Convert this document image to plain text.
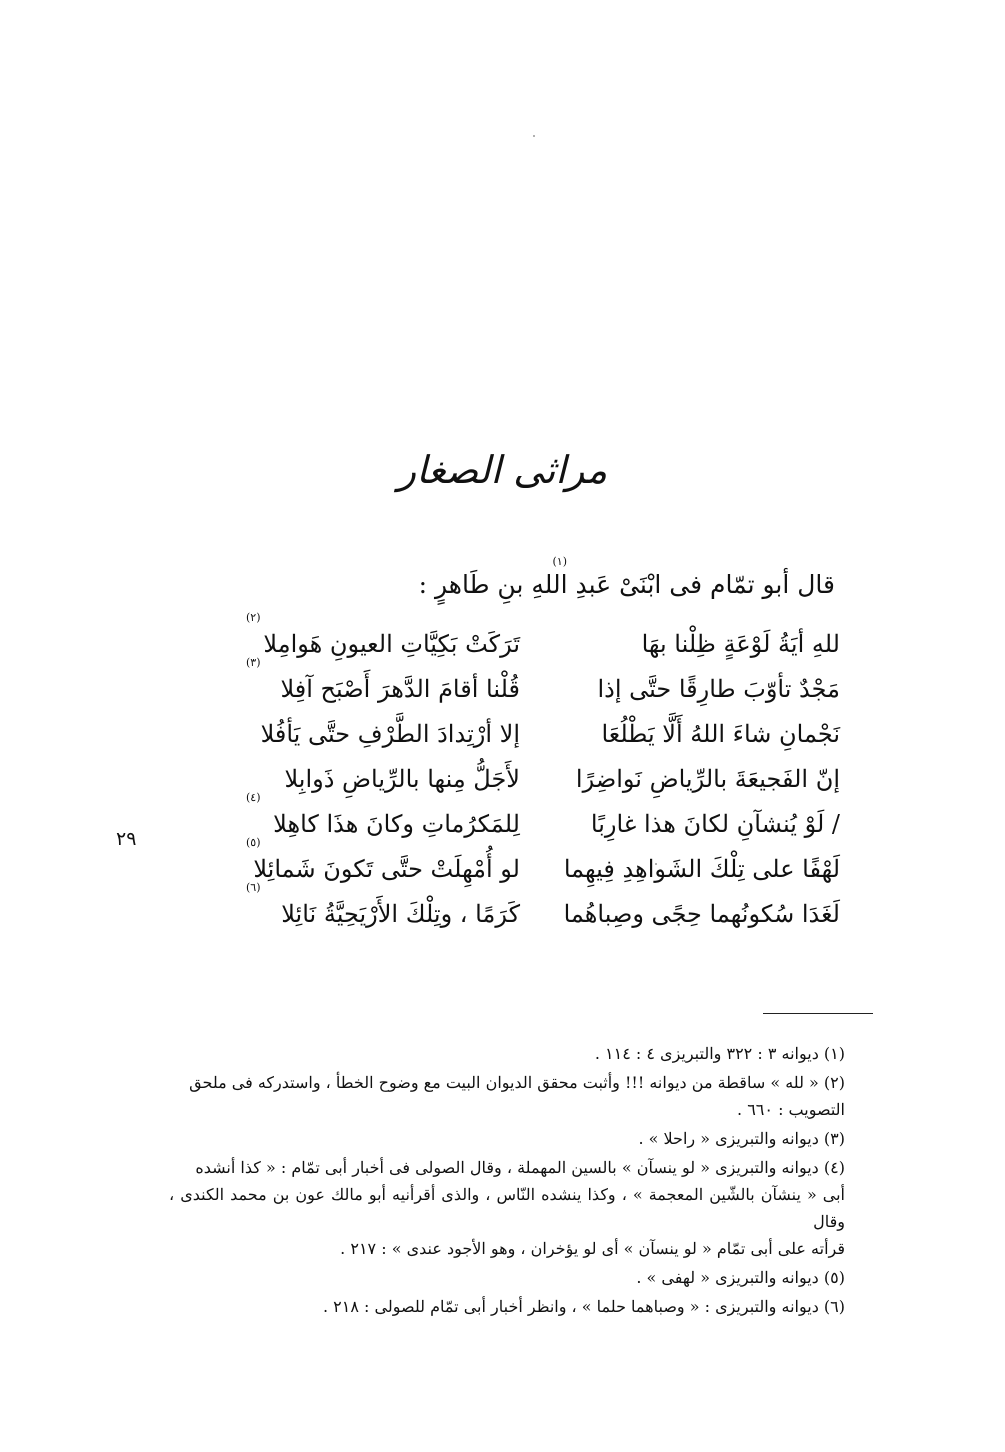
مراثى الصغار
قال أبو تمّام فى ابْنَىْ عَبدِ اللهِ بنِ طَاهرٍ :
(١)
للهِ أيَةُ لَوْعَةٍ ظِلْنا بهَا
تَرَكَتْ بَكِيَّاتِ العيونِ هَوامِلا
(٢)
مَجْدٌ تأوّبَ طارِقًا حتَّى إذا
قُلْنا أقامَ الدَّهرَ أَصْبَح آفِلا
(٣)
نَجْمانِ شاءَ اللهُ أَلَّا يَطْلُعَا
إلا أرْتِدادَ الطَّرْفِ حتَّى يَأفُلا
إنّ الفَجيعَةَ بالرِّياضِ نَواضِرًا
لأَجَلُّ مِنها بالرِّياضِ ذَوابِلا
/ لَوْ يُنشآنِ لكانَ هذا غارِبًا
لِلمَكرُماتِ وكانَ هذَا كاهِلا
(٤)
لَهْفًا على تِلْكَ الشَواهِدِ فِيهِما
لو أُمْهِلَتْ حتَّى تَكونَ شَمائِلا
(٥)
لَغَدَا سُكونُهما حِجًى وصِباهُما
كَرَمًا ، وتِلْكَ الأَرْيَحِيَّةُ نَائِلا
(٦)
٢٩
(١) ديوانه ٣ : ٣٢٢ والتبريزى ٤ : ١١٤ .
(٢) « لله » ساقطة من ديوانه !!! وأثبت محقق الديوان البيت مع وضوح الخطأ ، واستدركه فى ملحق
التصويب : ٦٦٠ .
(٣) ديوانه والتبريزى « راحلا » .
(٤) ديوانه والتبريزى « لو ينسآن » بالسين المهملة ، وقال الصولى فى أخبار أبى تمّام : « كذا أنشده
أبى « ينشآن بالشّين المعجمة » ، وكذا ينشده النّاس ، والذى أقرأنيه أبو مالك عون بن محمد الكندى ، وقال
قرأته على أبى تمّام « لو ينسآن » أى لو يؤخران ، وهو الأجود عندى » : ٢١٧ .
(٥) ديوانه والتبريزى « لهفى » .
(٦) ديوانه والتبريزى : « وصباهما حلما » ، وانظر أخبار أبى تمّام للصولى : ٢١٨ .
